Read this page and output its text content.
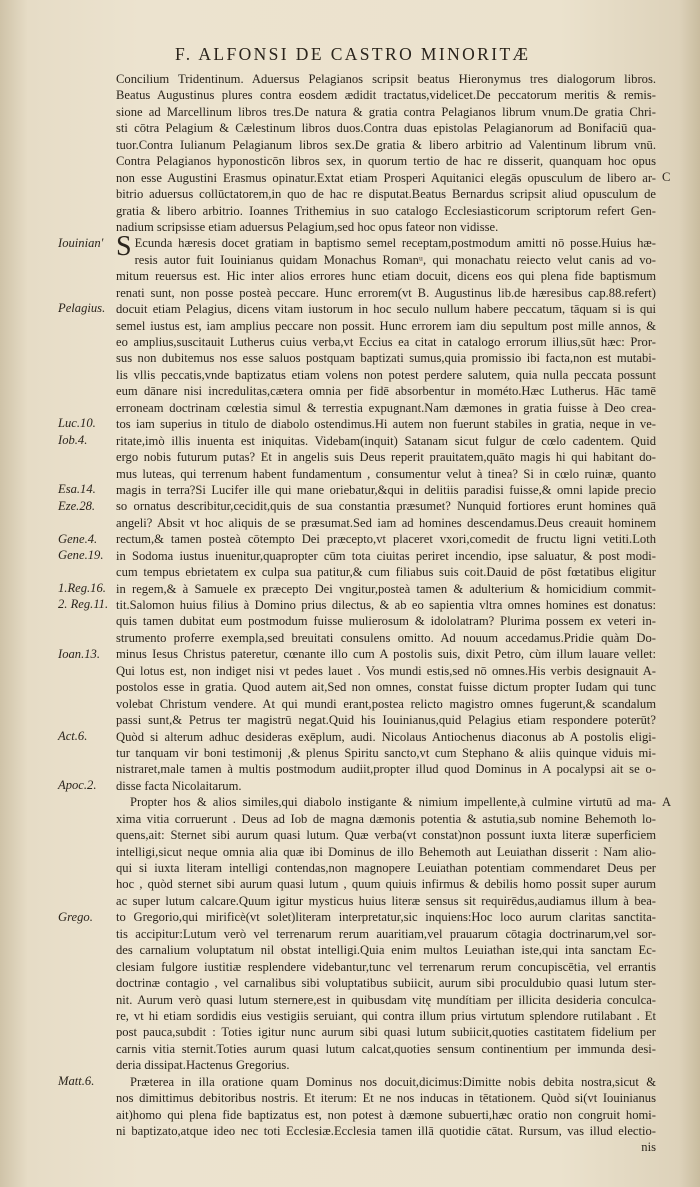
F. ALFONSI DE CASTRO MINORITÆ
Concilium Tridentinum. Aduersus Pelagianos scripsit beatus Hieronymus tres dialogorum libros.
Beatus Augustinus plures contra eosdem ædidit tractatus,videlicet.De peccatorum meritis & remis-
sione ad Marcellinum libros tres.De natura & gratia contra Pelagianos librum vnum.De gratia Chri-
sti cōtra Pelagium & Cælestinum libros duos.Contra duas epistolas Pelagianorum ad Bonifaciū qua-
tuor.Contra Iulianum Pelagianum libros sex.De gratia & libero arbitrio ad Valentinum librum vnū.
Contra Pelagianos hyponosticōn libros sex, in quorum tertio de hac re disserit, quanquam hoc opus
non esse Augustini Erasmus opinatur.Extat etiam Prosperi Aquitanici elegās opusculum de libero ar-
bitrio aduersus collūctatorem,in quo de hac re disputat.Beatus Bernardus scripsit aliud opusculum de
gratia & libero arbitrio. Ioannes Trithemius in suo catalogo Ecclesiasticorum scriptorum refert Gen-
nadium scripsisse etiam aduersus Pelagium,sed hoc opus fateor non vidisse.
S Ecunda hæresis docet gratiam in baptismo semel receptam,postmodum amitti nō posse.Huius hæ-
resis autor fuit Iouinianus quidam Monachus Romanᵘ, qui monachatu reiecto velut canis ad vo-
mitum reuersus est. Hic inter alios errores hunc etiam docuit, dicens eos qui plena fide baptismum
renati sunt, non posse posteà peccare. Hunc errorem(vt B. Augustinus lib.de hæresibus cap.88.refert)
docuit etiam Pelagius, dicens vitam iustorum in hoc seculo nullum habere peccatum, tāquam si is qui
semel iustus est, iam amplius peccare non possit. Hunc errorem iam diu sepultum post mille annos, &
eo amplius,suscitauit Lutherus cuius verba,vt Eccius ea citat in catalogo errorum illius,sūt hæc: Pror-
sus non dubitemus nos esse saluos postquam baptizati sumus,quia promissio ibi facta,non est mutabi-
lis vllis peccatis,vnde baptizatus etiam volens non potest perdere salutem, quia nulla peccata possunt
eum dānare nisi incredulitas,cætera omnia per fidē absorbentur in mométo.Hæc Lutherus. Hāc tamē
erroneam doctrinam cœlestia simul & terrestia expugnant.Nam dæmones in gratia fuisse à Deo crea-
tos iam superius in titulo de diabolo ostendimus.Hi autem non fuerunt stabiles in gratia, neque in ve-
ritate,imò illis inuenta est iniquitas. Videbam(inquit) Satanam sicut fulgur de cœlo cadentem. Quid
ergo nobis futurum putas? Et in angelis suis Deus reperit prauitatem,quāto magis hi qui habitant do-
mus luteas, qui terrenum habent fundamentum , consumentur velut à tinea? Si in cœlo ruinæ, quanto
magis in terra?Si Lucifer ille qui mane oriebatur,&qui in delitiis paradisi fuisse,& omni lapide precio
so ornatus describitur,cecidit,quis de sua constantia præsumet? Nunquid fortiores erunt homines quā
angeli? Absit vt hoc aliquis de se præsumat.Sed iam ad homines descendamus.Deus creauit hominem
rectum,& tamen posteà cōtempto Dei præcepto,vt placeret vxori,comedit de fructu ligni vetiti.Loth
in Sodoma iustus inuenitur,quapropter cūm tota ciuitas periret incendio, ipse saluatur, & post modi-
cum tempus ebrietatem ex culpa sua patitur,& cum filiabus suis coit.Dauid de pōst fœtatibus eligitur
in regem,& à Samuele ex præcepto Dei vngitur,posteà tamen & adulterium & homicidium commit-
tit.Salomon huius filius à Domino prius dilectus, & ab eo sapientia vltra omnes homines est donatus:
quis tamen dubitat eum postmodum fuisse mulierosum & idololatram? Plurima possem ex veteri in-
strumento proferre exempla,sed breuitati consulens omitto. Ad nouum accedamus.Pridie quàm Do-
minus Iesus Christus pateretur, cœnante illo cum A postolis suis, dixit Petro, cùm illum lauare vellet:
Qui lotus est, non indiget nisi vt pedes lauet . Vos mundi estis,sed nō omnes.His verbis designauit A-
postolos esse in gratia. Quod autem ait,Sed non omnes, constat fuisse dictum propter Iudam qui tunc
volebat Christum vendere. At qui mundi erant,postea relicto magistro omnes fugerunt,& scandalum
passi sunt,& Petrus ter magistrū negat.Quid his Iouinianus,quid Pelagius etiam respondere poterūt?
Quòd si alterum adhuc desideras exēplum, audi. Nicolaus Antiochenus diaconus ab A postolis eligi-
tur tanquam vir boni testimonij ,& plenus Spiritu sancto,vt cum Stephano & aliis quinque viduis mi-
nistraret,male tamen à multis postmodum audiit,propter illud quod Dominus in A pocalypsi ait se o-
disse facta Nicolaitarum.
Propter hos & alios similes,qui diabolo instigante & nimium impellente,à culmine virtutū ad ma-
xima vitia corruerunt . Deus ad Iob de magna dæmonis potentia & astutia,sub nomine Behemoth lo-
quens,ait: Sternet sibi aurum quasi lutum. Quæ verba(vt constat)non possunt iuxta literæ superficiem
intelligi,sicut neque omnia alia quæ ibi Dominus de illo Behemoth aut Leuiathan disserit : Nam alio-
qui si iuxta literam intelligi contendas,non magnopere Leuiathan potentiam commendaret Deus per
hoc , quòd sternet sibi aurum quasi lutum , quum quiuis infirmus & debilis homo possit super aurum
ac super lutum calcare.Quum igitur mysticus huius literæ sensus sit requirēdus,audiamus illum à bea-
to Gregorio,qui mirificè(vt solet)literam interpretatur,sic inquiens:Hoc loco aurum claritas sanctita-
tis accipitur:Lutum verò vel terrenarum rerum auaritiam,vel prauarum cōtagia doctrinarum,vel sor-
des carnalium voluptatum nil obstat intelligi.Quia enim multos Leuiathan iste,qui inta sanctam Ec-
clesiam fulgore iustitiæ resplendere videbantur,tunc vel terrenarum rerum concupiscētia, vel errantis
doctrinæ contagio , vel carnalibus sibi voluptatibus subiicit, aurum sibi proculdubio quasi lutum ster-
nit. Aurum verò quasi lutum sternere,est in quibusdam vitę mundítiam per illicita desideria conculca-
re, vt hi etiam sordidis eius vestigiis seruiant, qui contra illum prius virtutum splendore rutilabant . Et
post pauca,subdit : Toties igitur nunc aurum sibi quasi lutum subiicit,quoties castitatem fidelium per
carnis vitia sternit.Toties aurum quasi lutum calcat,quoties sensum continentium per immunda desi-
deria dissipat.Hactenus Gregorius.
Præterea in illa oratione quam Dominus nos docuit,dicimus:Dimitte nobis debita nostra,sicut &
nos dimittimus debitoribus nostris. Et iterum: Et ne nos inducas in tētationem. Quòd si(vt Iouinianus
ait)homo qui plena fide baptizatus est, non potest à dæmone subuerti,hæc oratio non congruit homi-
ni baptizato,atque ideo nec toti Ecclesiæ.Ecclesia tamen illā quotidie cātat. Rursum, vas illud electio-
nis
Iouinian'
Pelagius.
Luc.10.
Iob.4.
Esa.14.
Eze.28.
Gene.4.
Gene.19.
1.Reg.16.
2. Reg.11.
Ioan.13.
Act.6.
Apoc.2.
Grego.
Matt.6.
C
A
